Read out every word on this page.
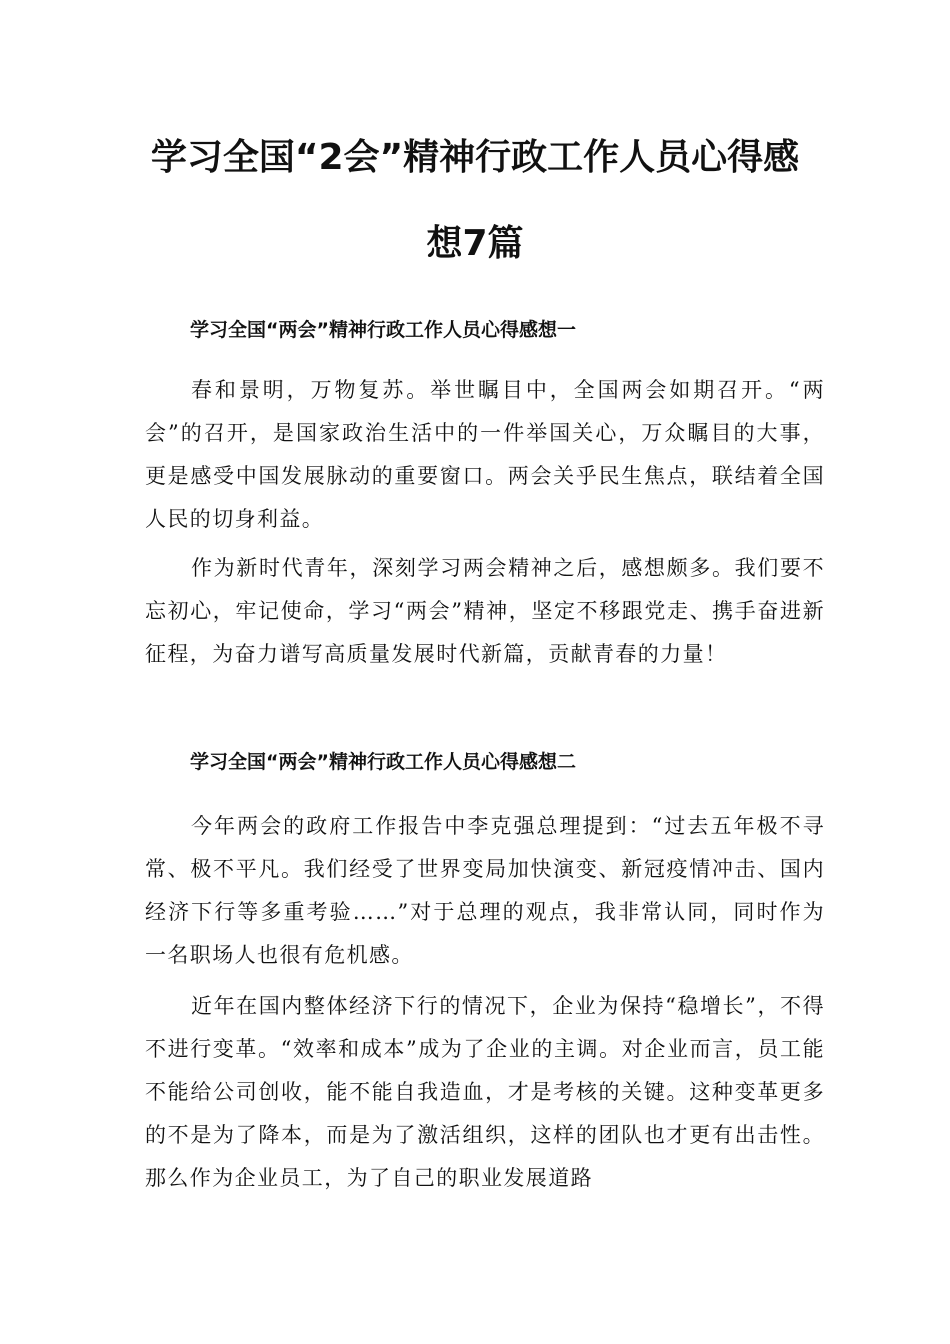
学习全国“2会”精神行政工作人员心得感
想7篇
学习全国“两会”精神行政工作人员心得感想一

春和景明，万物复苏。举世瞩目中，全国两会如期召开。“两会”的召开，是国家政治生活中的一件举国关心，万众瞩目的大事，更是感受中国发展脉动的重要窗口。两会关乎民生焦点，联结着全国人民的切身利益。

作为新时代青年，深刻学习两会精神之后，感想颇多。我们要不忘初心，牢记使命，学习“两会”精神，坚定不移跟党走、携手奋进新征程，为奋力谱写高质量发展时代新篇，贡献青春的力量！

学习全国“两会”精神行政工作人员心得感想二

今年两会的政府工作报告中李克强总理提到：“过去五年极不寻常、极不平凡。我们经受了世界变局加快演变、新冠疫情冲击、国内经济下行等多重考验……”对于总理的观点，我非常认同，同时作为一名职场人也很有危机感。

近年在国内整体经济下行的情况下，企业为保持“稳增长”，不得不进行变革。“效率和成本”成为了企业的主调。对企业而言，员工能不能给公司创收，能不能自我造血，才是考核的关键。这种变革更多的不是为了降本，而是为了激活组织，这样的团队也才更有出击性。那么作为企业员工，为了自己的职业发展道路
